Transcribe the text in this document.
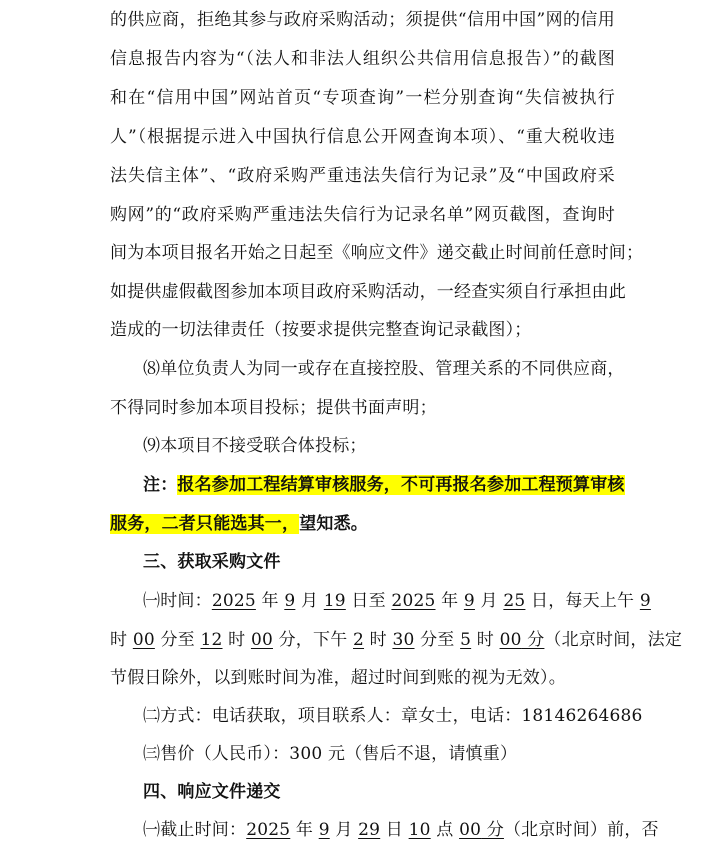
的供应商，拒绝其参与政府采购活动；须提供“信用中国”网的信用
信息报告内容为“（法人和非法人组织公共信用信息报告）”的截图
和在“信用中国”网站首页“专项查询”一栏分别查询“失信被执行
人”（根据提示进入中国执行信息公开网查询本项）、“重大税收违
法失信主体”、“政府采购严重违法失信行为记录”及“中国政府采
购网”的“政府采购严重违法失信行为记录名单”网页截图，查询时
间为本项目报名开始之日起至《响应文件》递交截止时间前任意时间；
如提供虚假截图参加本项目政府采购活动，一经查实须自行承担由此
造成的一切法律责任（按要求提供完整查询记录截图）；
⑻单位负责人为同一或存在直接控股、管理关系的不同供应商，
不得同时参加本项目投标；提供书面声明；
⑼本项目不接受联合体投标；
注：报名参加工程结算审核服务，不可再报名参加工程预算审核
服务，二者只能选其一，望知悉。
三、获取采购文件
㈠时间：2025 年 9 月 19 日至 2025 年 9 月 25 日，每天上午 9
时 00 分至 12 时 00 分，下午 2 时 30 分至 5 时 00 分（北京时间，法定
节假日除外，以到账时间为准，超过时间到账的视为无效）。
㈡方式：电话获取，项目联系人：章女士，电话：18146264686
㈢售价（人民币）：300 元（售后不退，请慎重）
四、响应文件递交
㈠截止时间：2025 年 9 月 29 日 10 点 00 分（北京时间）前，否
